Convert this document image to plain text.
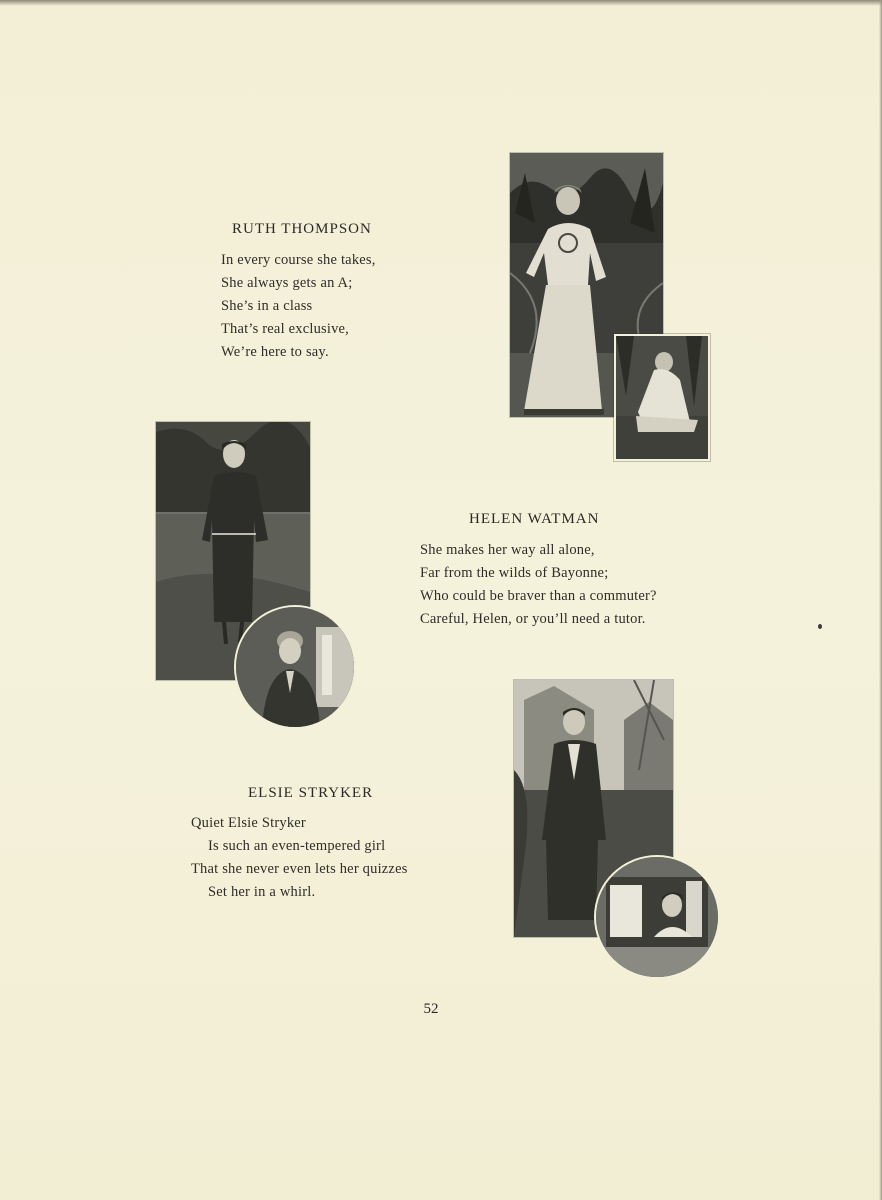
RUTH THOMPSON
In every course she takes,
She always gets an A;
She’s in a class
That’s real exclusive,
We’re here to say.
HELEN WATMAN
She makes her way all alone,
Far from the wilds of Bayonne;
Who could be braver than a commuter?
Careful, Helen, or you’ll need a tutor.
ELSIE STRYKER
Quiet Elsie Stryker
Is such an even-tempered girl
That she never even lets her quizzes
Set her in a whirl.
52
